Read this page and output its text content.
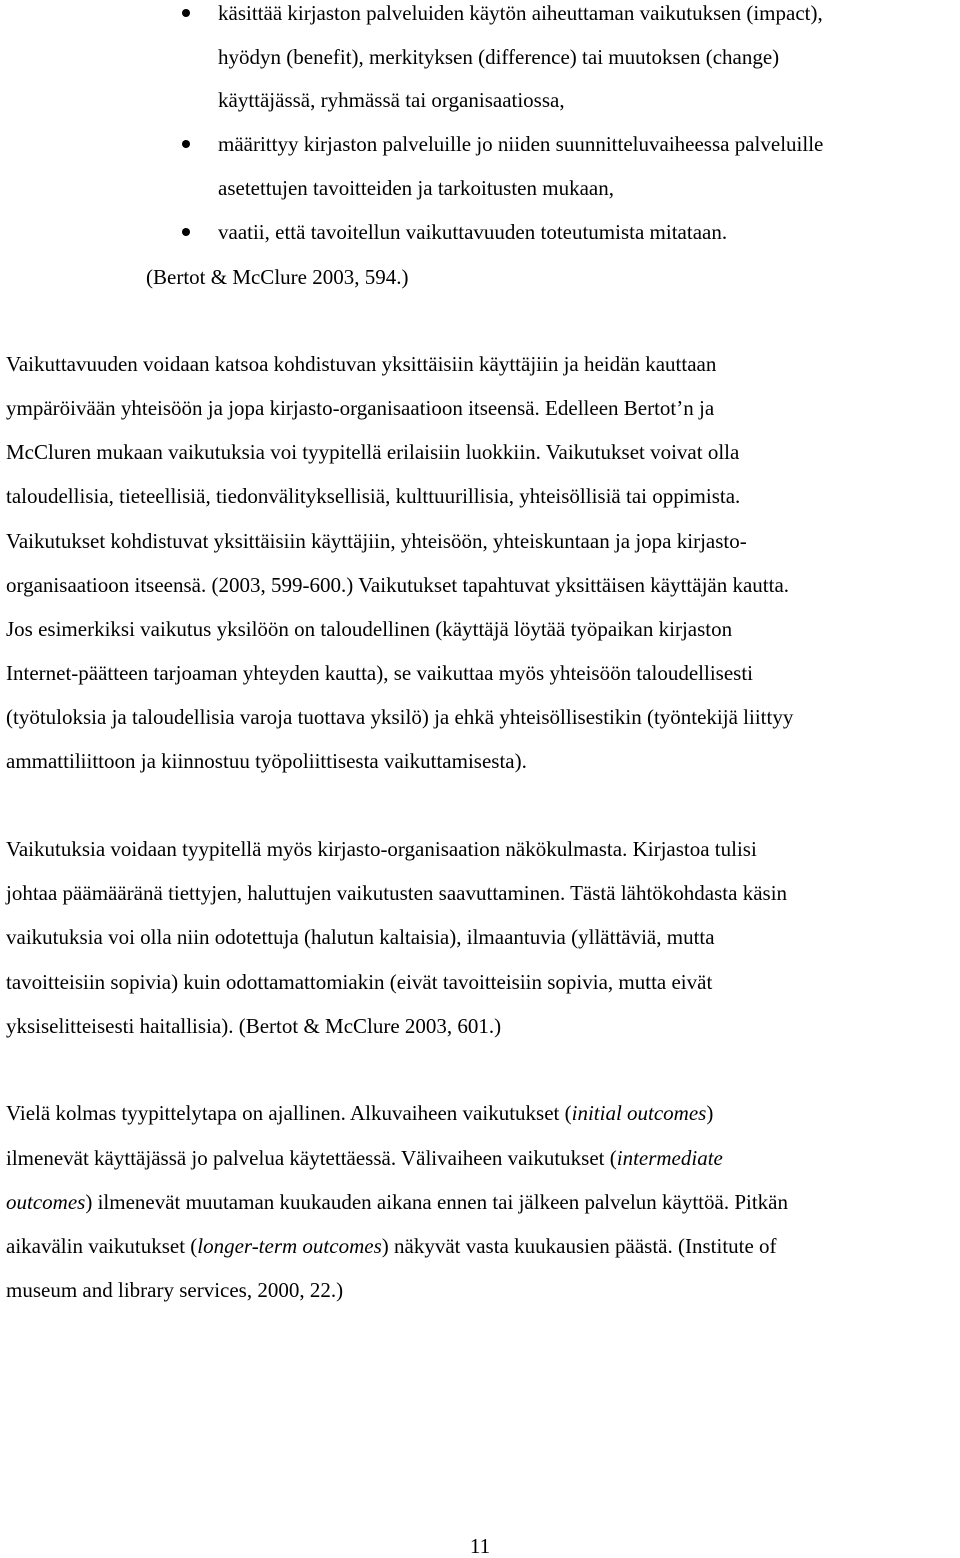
käsittää kirjaston palveluiden käytön aiheuttaman vaikutuksen (impact),
hyödyn (benefit), merkityksen (difference) tai muutoksen (change)
käyttäjässä, ryhmässä tai organisaatiossa,
määrittyy kirjaston palveluille jo niiden suunnitteluvaiheessa palveluille
asetettujen tavoitteiden ja tarkoitusten mukaan,
vaatii, että tavoitellun vaikuttavuuden toteutumista mitataan.
(Bertot & McClure 2003, 594.)
Vaikuttavuuden voidaan katsoa kohdistuvan yksittäisiin käyttäjiin ja heidän kauttaan
ympäröivään yhteisöön ja jopa kirjasto-organisaatioon itseensä. Edelleen Bertot’n ja
McCluren mukaan vaikutuksia voi tyypitellä erilaisiin luokkiin. Vaikutukset voivat olla
taloudellisia, tieteellisiä, tiedonvälityksellisiä, kulttuurillisia, yhteisöllisiä tai oppimista.
Vaikutukset kohdistuvat yksittäisiin käyttäjiin, yhteisöön, yhteiskuntaan ja jopa kirjasto-
organisaatioon itseensä. (2003, 599-600.) Vaikutukset tapahtuvat yksittäisen käyttäjän kautta.
Jos esimerkiksi vaikutus yksilöön on taloudellinen (käyttäjä löytää työpaikan kirjaston
Internet-päätteen tarjoaman yhteyden kautta), se vaikuttaa myös yhteisöön taloudellisesti
(työtuloksia ja taloudellisia varoja tuottava yksilö) ja ehkä yhteisöllisestikin (työntekijä liittyy
ammattiliittoon ja kiinnostuu työpoliittisesta vaikuttamisesta).
Vaikutuksia voidaan tyypitellä myös kirjasto-organisaation näkökulmasta. Kirjastoa tulisi
johtaa päämääränä tiettyjen, haluttujen vaikutusten saavuttaminen. Tästä lähtökohdasta käsin
vaikutuksia voi olla niin odotettuja (halutun kaltaisia), ilmaantuvia (yllättäviä, mutta
tavoitteisiin sopivia) kuin odottamattomiakin (eivät tavoitteisiin sopivia, mutta eivät
yksiselitteisesti haitallisia). (Bertot & McClure 2003, 601.)
Vielä kolmas tyypittelytapa on ajallinen. Alkuvaiheen vaikutukset (initial outcomes)
ilmenevät käyttäjässä jo palvelua käytettäessä. Välivaiheen vaikutukset (intermediate
outcomes) ilmenevät muutaman kuukauden aikana ennen tai jälkeen palvelun käyttöä. Pitkän
aikavälin vaikutukset (longer-term outcomes) näkyvät vasta kuukausien päästä. (Institute of
museum and library services, 2000, 22.)
11
